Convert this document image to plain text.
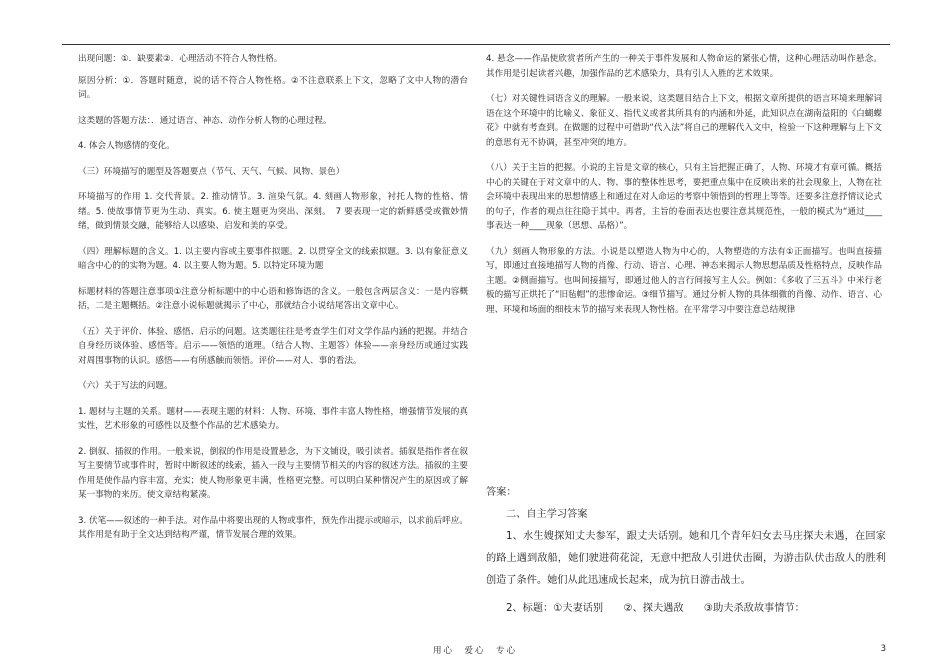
出现问题：①．缺要素②．心理活动不符合人物性格。
原因分析：①．答题时随意，说的话不符合人物性格。②不注意联系上下文，忽略了文中人物的潜台词。
这类题的答题方法：．通过语言、神态、动作分析人物的心理过程。
4. 体会人物感情的变化。
（三）环境描写的题型及答题要点（节气、天气、气候、风物、景色）
环境描写的作用 1. 交代背景。2. 推动情节。3. 渲染气氛。4. 刻画人物形象，衬托人物的性格、情绪。5. 使故事情节更为生动、真实。6. 使主题更为突出、深刻。　7 要表现一定的新鲜感受或微妙情绪，做到情景交融，能够给人以感染、启发和美的享受。
（四）理解标题的含义。1. 以主要内容或主要事件拟题。2. 以贯穿全文的线索拟题。3. 以有象征意义暗含中心的的实物为题。4. 以主要人物为题。5. 以特定环境为题
标题材料的答题注意事项①注意分析标题中的中心语和修饰语的含义。一般包含两层含义：一是内容概括，二是主题概括。②注意小说标题就揭示了中心，那就结合小说结尾答出文章中心。
（五）关于评价、体验、感悟、启示的问题。这类题往往是考查学生们对文学作品内涵的把握。并结合自身经历谈体验、感悟等。启示——领悟的道理。（结合人物、主题答）体验——亲身经历或通过实践对周围事物的认识。感悟——有所感触而领悟。评价——对人、事的看法。
（六）关于写法的问题。
1. 题材与主题的关系。题材——表现主题的材料：人物、环境、事件丰富人物性格，增强情节发展的真实性，艺术形象的可感性以及整个作品的艺术感染力。
2. 倒叙、插叙的作用。一般来说，倒叙的作用是设置悬念，为下文铺设，吸引读者。插叙是指作者在叙写主要情节或事件时，暂时中断叙述的线索，插入一段与主要情节相关的内容的叙述方法。插叙的主要作用是使作品内容丰富，充实；使人物形象更丰满，性格更完整。可以明白某种情况产生的原因或了解某一事物的来历。使文章结构紧凑。
3. 伏笔——叙述的一种手法。对作品中将要出现的人物或事件，预先作出提示或暗示，以求前后呼应。其作用是有助于全文达到结构严谨，情节发展合理的效果。
4. 悬念——作品使欣赏者所产生的一种关于事件发展和人物命运的紧张心情，这种心理活动叫作悬念。其作用是引起读者兴趣，加强作品的艺术感染力，具有引人入胜的艺术效果。
（七）对关键性词语含义的理解。一般来说，这类题目结合上下文，根据文章所提供的语言环境来理解词语在这个环境中的比喻义、象征义、指代义或者其所具有的内涵和外延，此知识点在湖南益阳的《白蝴蝶花》中就有考查到。在做题的过程中可借助“代入法”将自己的理解代入文中，检验一下这种理解与上下文的意思有无不协调，甚至冲突的地方。
（八）关于主旨的把握。小说的主旨是文章的核心，只有主旨把握正确了，人物、环境才有章可循。概括中心的关键在于对文章中的人、物、事的整体性思考，要把重点集中在反映出来的社会现象上，人物在社会环境中表现出来的思想情感上和通过在对人命运的考察中领悟到的哲理上等等。还要多注意抒情议论式的句子，作者的观点往往隐于其中。再者，主旨的卷面表达也要注意其规范性，一般的模式为“通过____事表达一种____现象（思想、品格）”。
（九）刻画人物形象的方法。小说是以塑造人物为中心的，人物塑造的方法有①正面描写。也叫直接描写，即通过直接地描写人物的肖像、行动、语言、心理、神态来揭示人物思想品质及性格特点，反映作品主题。②侧面描写。也叫间接描写，即通过他人的言行间接写主人公。例如：《多收了三五斗》中米行老板的描写正烘托了“旧毡帽”的悲惨命运。③细节描写。通过分析人物的具体细微的肖像、动作、语言、心理、环境和场面的细枝末节的描写来表现人物性格。在平常学习中要注意总结规律
答案：
二、自主学习答案
1、水生嫂探知丈夫参军，跟丈夫话别。她和几个青年妇女去马庄探夫未遇，在回家的路上遇到敌船，她们驶进荷花淀，无意中把敌人引进伏击圈，为游击队伏击敌人的胜利创造了条件。她们从此迅速成长起来，成为抗日游击战士。
2、标题：①夫妻话别　　②、探夫遇敌　　③助夫杀敌故事情节：
用心　爱心　专心	3
